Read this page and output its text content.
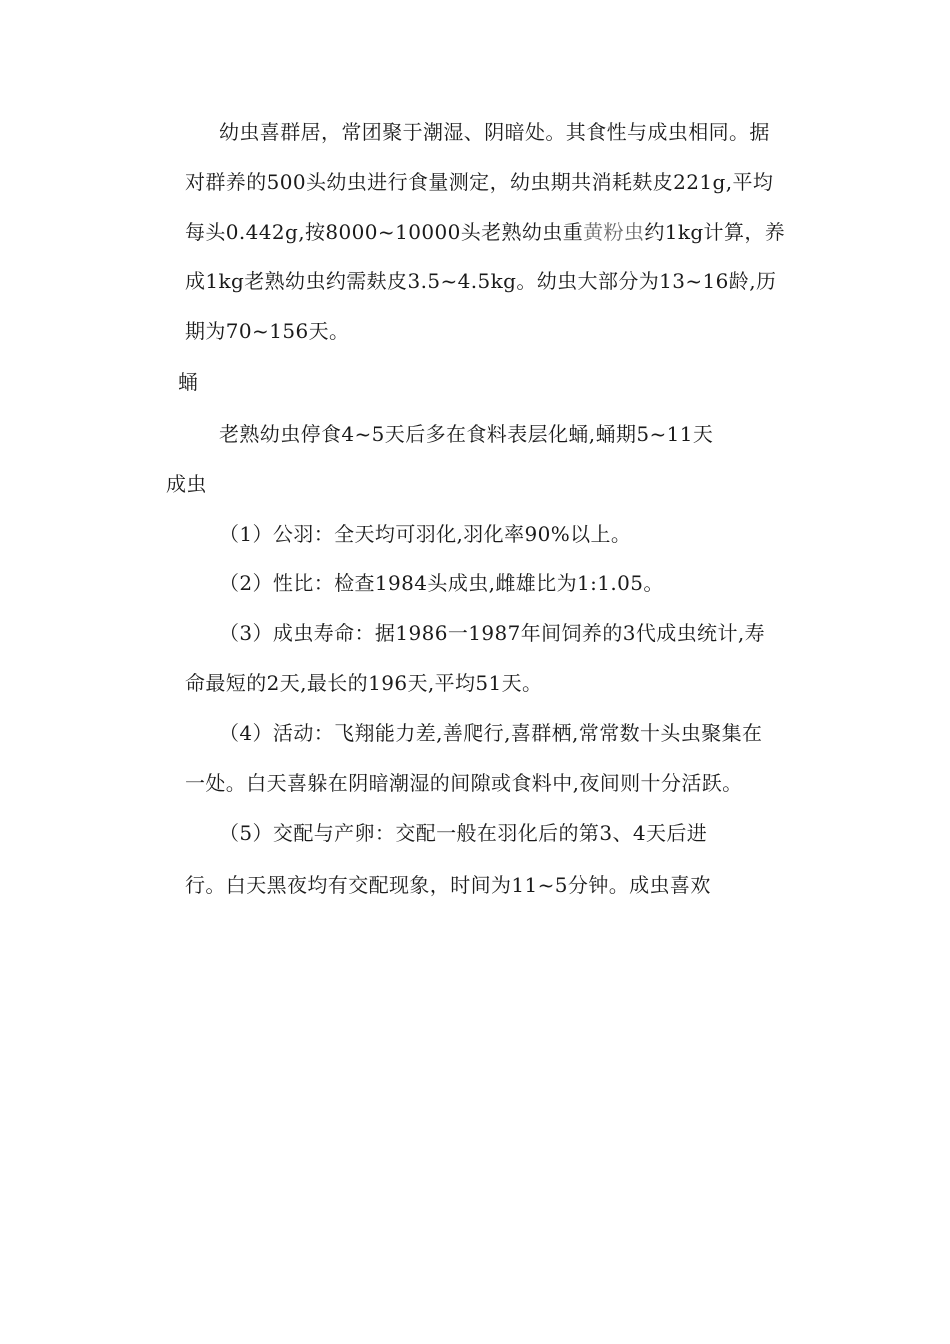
幼虫喜群居，常团聚于潮湿、阴暗处。其食性与成虫相同。据

对群养的500头幼虫进行食量测定，幼虫期共消耗麸皮221g,平均

每头0.442g,按8000~10000头老熟幼虫重黄粉虫约1kg计算，养

成1kg老熟幼虫约需麸皮3.5~4.5kg。幼虫大部分为13~16龄,历

期为70~156天。

蛹

老熟幼虫停食4~5天后多在食料表层化蛹,蛹期5~11天

成虫

（1）公羽：全天均可羽化,羽化率90%以上。

（2）性比：检查1984头成虫,雌雄比为1:1.05。

（3）成虫寿命：据1986一1987年间饲养的3代成虫统计,寿

命最短的2天,最长的196天,平均51天。

（4）活动：飞翔能力差,善爬行,喜群栖,常常数十头虫聚集在

一处。白天喜躲在阴暗潮湿的间隙或食料中,夜间则十分活跃。

（5）交配与产卵：交配一般在羽化后的第3、4天后进

行。白天黑夜均有交配现象，时间为11~5分钟。成虫喜欢
